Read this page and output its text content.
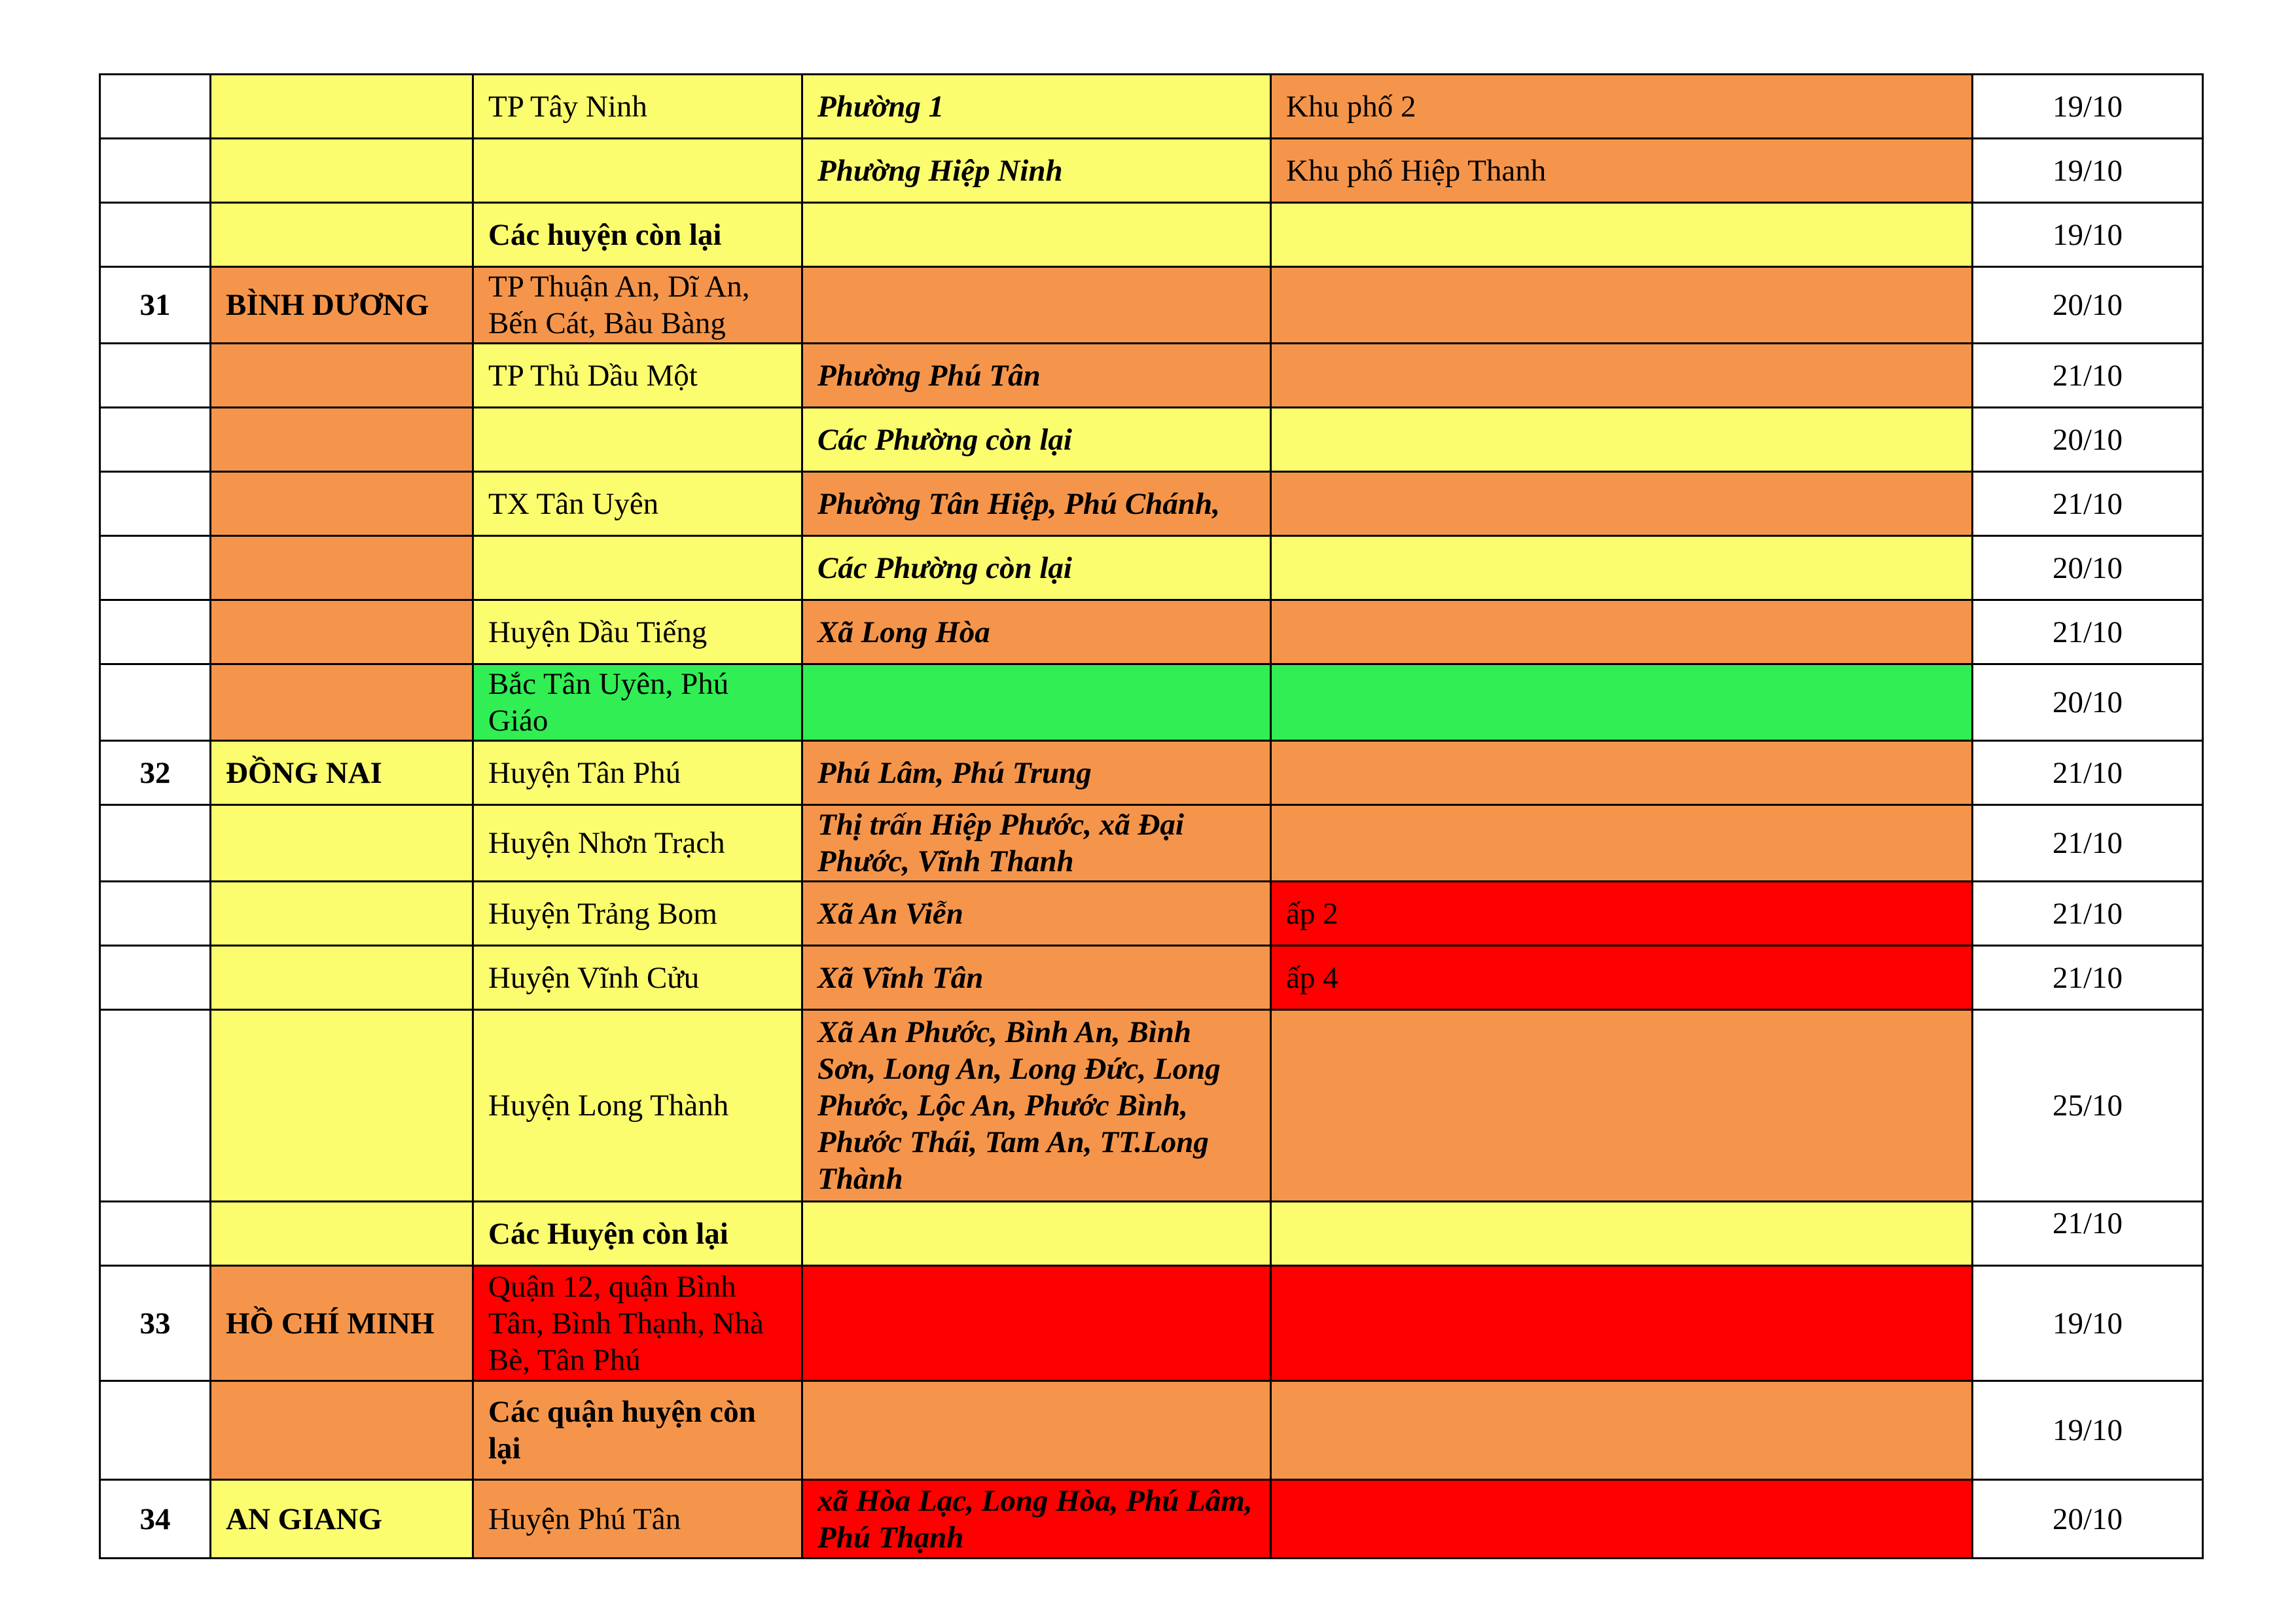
		TP Tây Ninh	Phường 1	Khu phố 2	19/10
			Phường Hiệp Ninh	Khu phố Hiệp Thanh	19/10
		Các huyện còn lại			19/10
31	BÌNH DƯƠNG	TP Thuận An, Dĩ An, Bến Cát, Bàu Bàng			20/10
		TP Thủ Dầu Một	Phường Phú Tân		21/10
			Các Phường còn lại		20/10
		TX Tân Uyên	Phường Tân Hiệp, Phú Chánh,		21/10
			Các Phường còn lại		20/10
		Huyện Dầu Tiếng	Xã Long Hòa		21/10
		Bắc Tân Uyên, Phú Giáo			20/10
32	ĐỒNG NAI	Huyện Tân Phú	Phú Lâm, Phú Trung		21/10
		Huyện Nhơn Trạch	Thị trấn Hiệp Phước, xã Đại Phước, Vĩnh Thanh		21/10
		Huyện Trảng Bom	Xã An Viễn	ấp 2	21/10
		Huyện Vĩnh Cửu	Xã Vĩnh Tân	ấp 4	21/10
		Huyện Long Thành	Xã An Phước, Bình An, Bình Sơn, Long An, Long Đức, Long Phước, Lộc An, Phước Bình, Phước Thái, Tam An, TT.Long Thành		25/10
		Các Huyện còn lại			21/10
33	HỒ CHÍ MINH	Quận 12, quận Bình Tân, Bình Thạnh, Nhà Bè, Tân Phú			19/10
		Các quận huyện còn lại			19/10
34	AN GIANG	Huyện Phú Tân	xã Hòa Lạc, Long Hòa, Phú Lâm, Phú Thạnh		20/10
